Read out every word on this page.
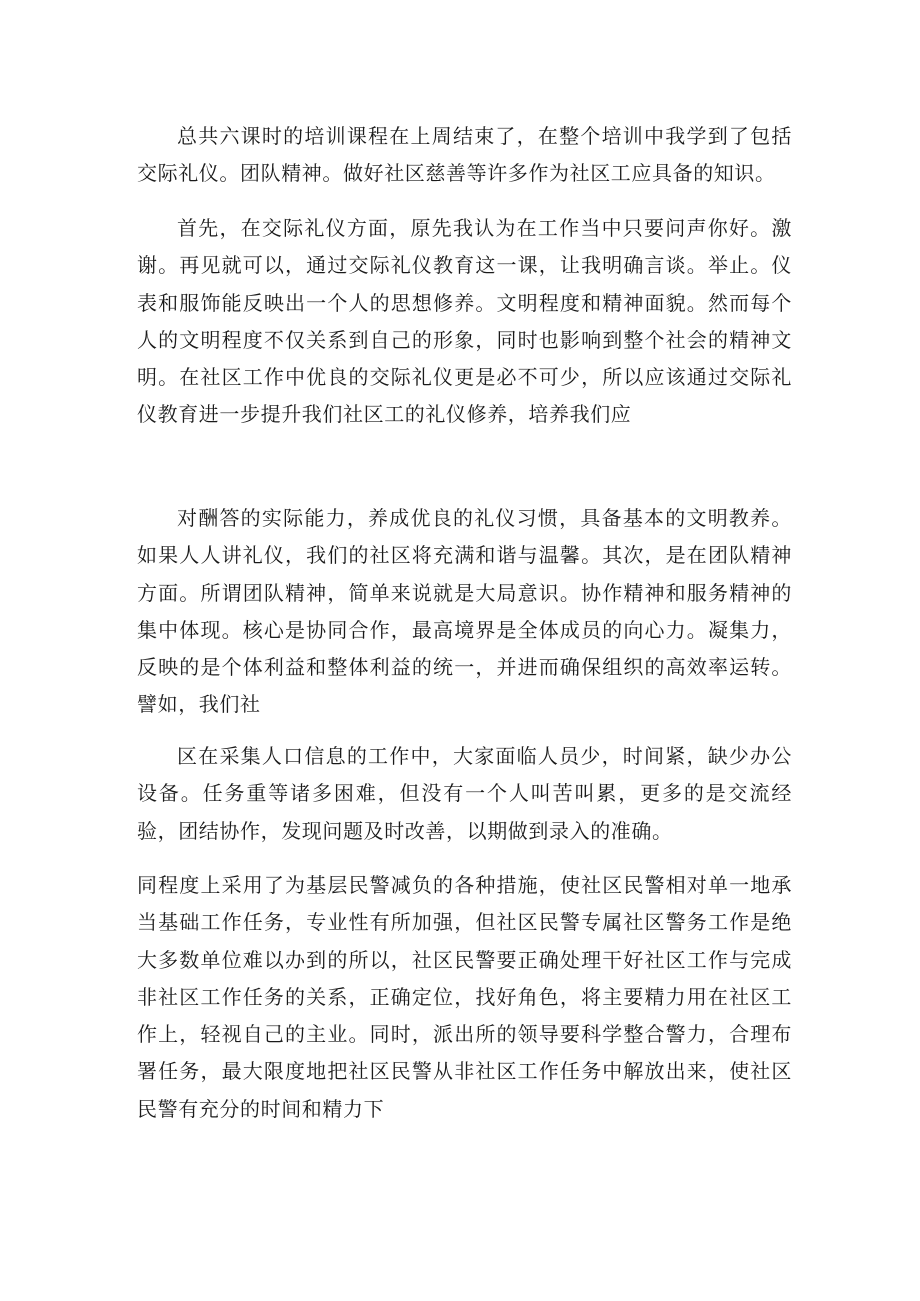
总共六课时的培训课程在上周结束了，在整个培训中我学到了包括交际礼仪。团队精神。做好社区慈善等许多作为社区工应具备的知识。

首先，在交际礼仪方面，原先我认为在工作当中只要问声你好。激谢。再见就可以，通过交际礼仪教育这一课，让我明确言谈。举止。仪表和服饰能反映出一个人的思想修养。文明程度和精神面貌。然而每个人的文明程度不仅关系到自己的形象，同时也影响到整个社会的精神文明。在社区工作中优良的交际礼仪更是必不可少，所以应该通过交际礼仪教育进一步提升我们社区工的礼仪修养，培养我们应

对酬答的实际能力，养成优良的礼仪习惯，具备基本的文明教养。如果人人讲礼仪，我们的社区将充满和谐与温馨。其次，是在团队精神方面。所谓团队精神，简单来说就是大局意识。协作精神和服务精神的集中体现。核心是协同合作，最高境界是全体成员的向心力。凝集力，反映的是个体利益和整体利益的统一，并进而确保组织的高效率运转。譬如，我们社

区在采集人口信息的工作中，大家面临人员少，时间紧，缺少办公设备。任务重等诸多困难，但没有一个人叫苦叫累，更多的是交流经验，团结协作，发现问题及时改善，以期做到录入的准确。

同程度上采用了为基层民警减负的各种措施，使社区民警相对单一地承当基础工作任务，专业性有所加强，但社区民警专属社区警务工作是绝大多数单位难以办到的所以，社区民警要正确处理干好社区工作与完成非社区工作任务的关系，正确定位，找好角色，将主要精力用在社区工作上，轻视自己的主业。同时，派出所的领导要科学整合警力，合理布署任务，最大限度地把社区民警从非社区工作任务中解放出来，使社区民警有充分的时间和精力下
